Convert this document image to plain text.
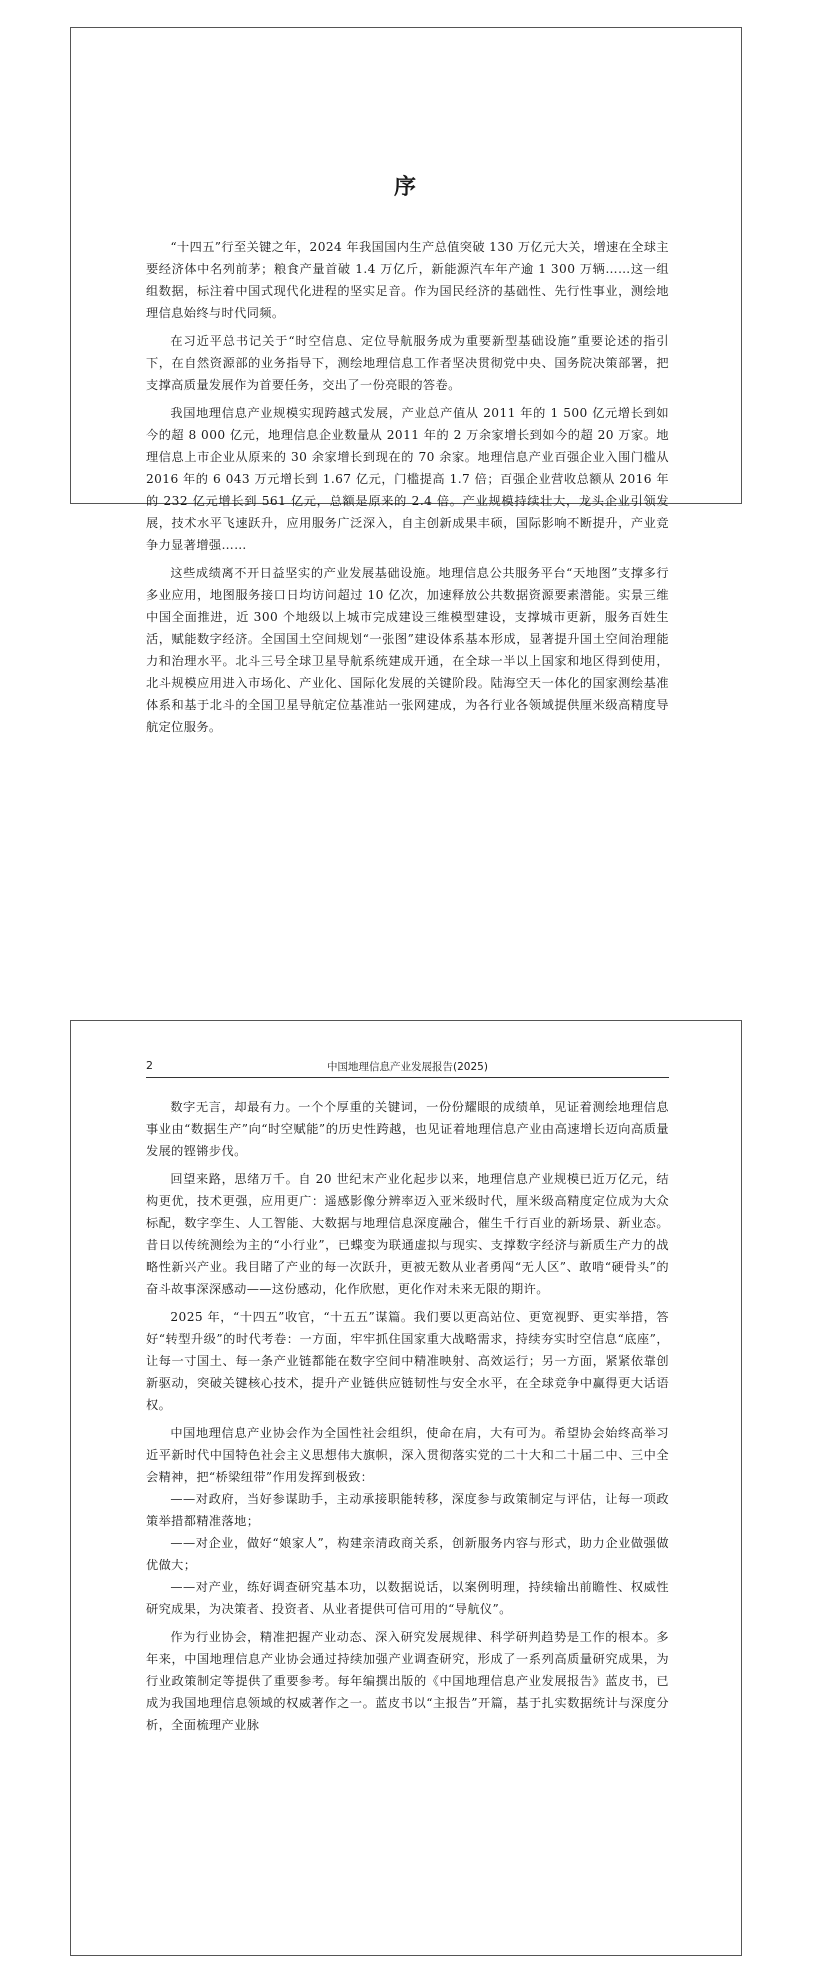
序

“十四五”行至关键之年，2024 年我国国内生产总值突破 130 万亿元大关，增速在全球主要经济体中名列前茅；粮食产量首破 1.4 万亿斤，新能源汽车年产逾 1 300 万辆……这一组组数据，标注着中国式现代化进程的坚实足音。作为国民经济的基础性、先行性事业，测绘地理信息始终与时代同频。

在习近平总书记关于“时空信息、定位导航服务成为重要新型基础设施”重要论述的指引下，在自然资源部的业务指导下，测绘地理信息工作者坚决贯彻党中央、国务院决策部署，把支撑高质量发展作为首要任务，交出了一份亮眼的答卷。

我国地理信息产业规模实现跨越式发展，产业总产值从 2011 年的 1 500 亿元增长到如今的超 8 000 亿元，地理信息企业数量从 2011 年的 2 万余家增长到如今的超 20 万家。地理信息上市企业从原来的 30 余家增长到现在的 70 余家。地理信息产业百强企业入围门槛从 2016 年的 6 043 万元增长到 1.67 亿元，门槛提高 1.7 倍；百强企业营收总额从 2016 年的 232 亿元增长到 561 亿元，总额是原来的 2.4 倍。产业规模持续壮大，龙头企业引领发展，技术水平飞速跃升，应用服务广泛深入，自主创新成果丰硕，国际影响不断提升，产业竞争力显著增强……

这些成绩离不开日益坚实的产业发展基础设施。地理信息公共服务平台“天地图”支撑多行多业应用，地图服务接口日均访问超过 10 亿次，加速释放公共数据资源要素潜能。实景三维中国全面推进，近 300 个地级以上城市完成建设三维模型建设，支撑城市更新，服务百姓生活，赋能数字经济。全国国土空间规划“一张图”建设体系基本形成，显著提升国土空间治理能力和治理水平。北斗三号全球卫星导航系统建成开通，在全球一半以上国家和地区得到使用，北斗规模应用进入市场化、产业化、国际化发展的关键阶段。陆海空天一体化的国家测绘基准体系和基于北斗的全国卫星导航定位基准站一张网建成，为各行业各领域提供厘米级高精度导航定位服务。

2	中国地理信息产业发展报告(2025)

数字无言，却最有力。一个个厚重的关键词，一份份耀眼的成绩单，见证着测绘地理信息事业由“数据生产”向“时空赋能”的历史性跨越，也见证着地理信息产业由高速增长迈向高质量发展的铿锵步伐。

回望来路，思绪万千。自 20 世纪末产业化起步以来，地理信息产业规模已近万亿元，结构更优，技术更强，应用更广：遥感影像分辨率迈入亚米级时代，厘米级高精度定位成为大众标配，数字孪生、人工智能、大数据与地理信息深度融合，催生千行百业的新场景、新业态。昔日以传统测绘为主的“小行业”，已蝶变为联通虚拟与现实、支撑数字经济与新质生产力的战略性新兴产业。我目睹了产业的每一次跃升，更被无数从业者勇闯“无人区”、敢啃“硬骨头”的奋斗故事深深感动——这份感动，化作欣慰，更化作对未来无限的期许。

2025 年，“十四五”收官，“十五五”谋篇。我们要以更高站位、更宽视野、更实举措，答好“转型升级”的时代考卷：一方面，牢牢抓住国家重大战略需求，持续夯实时空信息“底座”，让每一寸国土、每一条产业链都能在数字空间中精准映射、高效运行；另一方面，紧紧依靠创新驱动，突破关键核心技术，提升产业链供应链韧性与安全水平，在全球竞争中赢得更大话语权。

中国地理信息产业协会作为全国性社会组织，使命在肩，大有可为。希望协会始终高举习近平新时代中国特色社会主义思想伟大旗帜，深入贯彻落实党的二十大和二十届二中、三中全会精神，把“桥梁纽带”作用发挥到极致：

——对政府，当好参谋助手，主动承接职能转移，深度参与政策制定与评估，让每一项政策举措都精准落地；

——对企业，做好“娘家人”，构建亲清政商关系，创新服务内容与形式，助力企业做强做优做大；

——对产业，练好调查研究基本功，以数据说话，以案例明理，持续输出前瞻性、权威性研究成果，为决策者、投资者、从业者提供可信可用的“导航仪”。

作为行业协会，精准把握产业动态、深入研究发展规律、科学研判趋势是工作的根本。多年来，中国地理信息产业协会通过持续加强产业调查研究，形成了一系列高质量研究成果，为行业政策制定等提供了重要参考。每年编撰出版的《中国地理信息产业发展报告》蓝皮书，已成为我国地理信息领域的权威著作之一。蓝皮书以“主报告”开篇，基于扎实数据统计与深度分析，全面梳理产业脉
